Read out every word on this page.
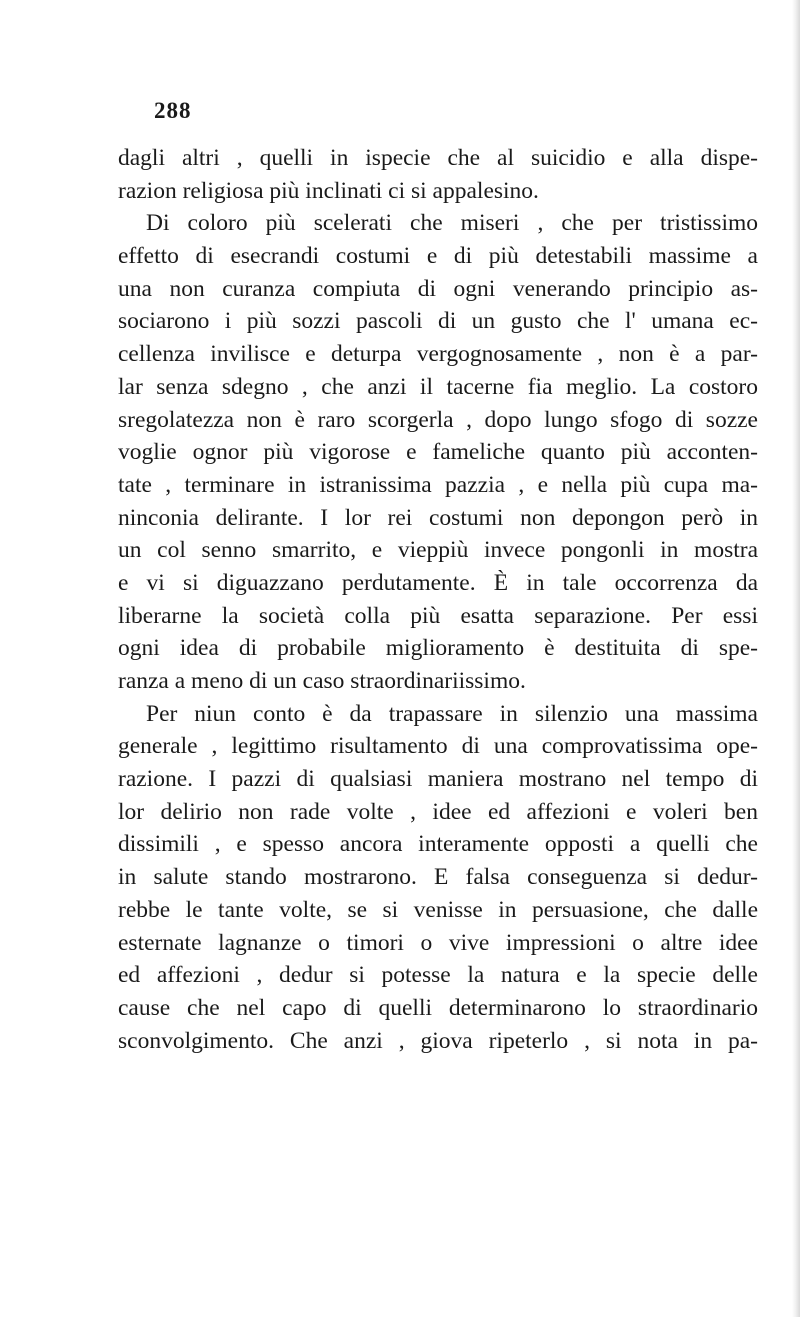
288
dagli altri , quelli in ispecie che al suicidio e alla dispe-
razion religiosa più inclinati ci si appalesino.
Di coloro più scelerati che miseri , che per tristissimo
effetto di esecrandi costumi e di più detestabili massime a
una non curanza compiuta di ogni venerando principio as-
sociarono i più sozzi pascoli di un gusto che l' umana ec-
cellenza invilisce e deturpa vergognosamente , non è a par-
lar senza sdegno , che anzi il tacerne fia meglio. La costoro
sregolatezza non è raro scorgerla , dopo lungo sfogo di sozze
voglie ognor più vigorose e fameliche quanto più acconten-
tate , terminare in istranissima pazzia , e nella più cupa ma-
ninconia delirante. I lor rei costumi non depongon però in
un col senno smarrito, e vieppiù invece pongonli in mostra
e vi si diguazzano perdutamente. È in tale occorrenza da
liberarne la società colla più esatta separazione. Per essi
ogni idea di probabile miglioramento è destituita di spe-
ranza a meno di un caso straordinariissimo.
Per niun conto è da trapassare in silenzio una massima
generale , legittimo risultamento di una comprovatissima ope-
razione. I pazzi di qualsiasi maniera mostrano nel tempo di
lor delirio non rade volte , idee ed affezioni e voleri ben
dissimili , e spesso ancora interamente opposti a quelli che
in salute stando mostrarono. E falsa conseguenza si dedur-
rebbe le tante volte, se si venisse in persuasione, che dalle
esternate lagnanze o timori o vive impressioni o altre idee
ed affezioni , dedur si potesse la natura e la specie delle
cause che nel capo di quelli determinarono lo straordinario
sconvolgimento. Che anzi , giova ripeterlo , si nota in pa-
